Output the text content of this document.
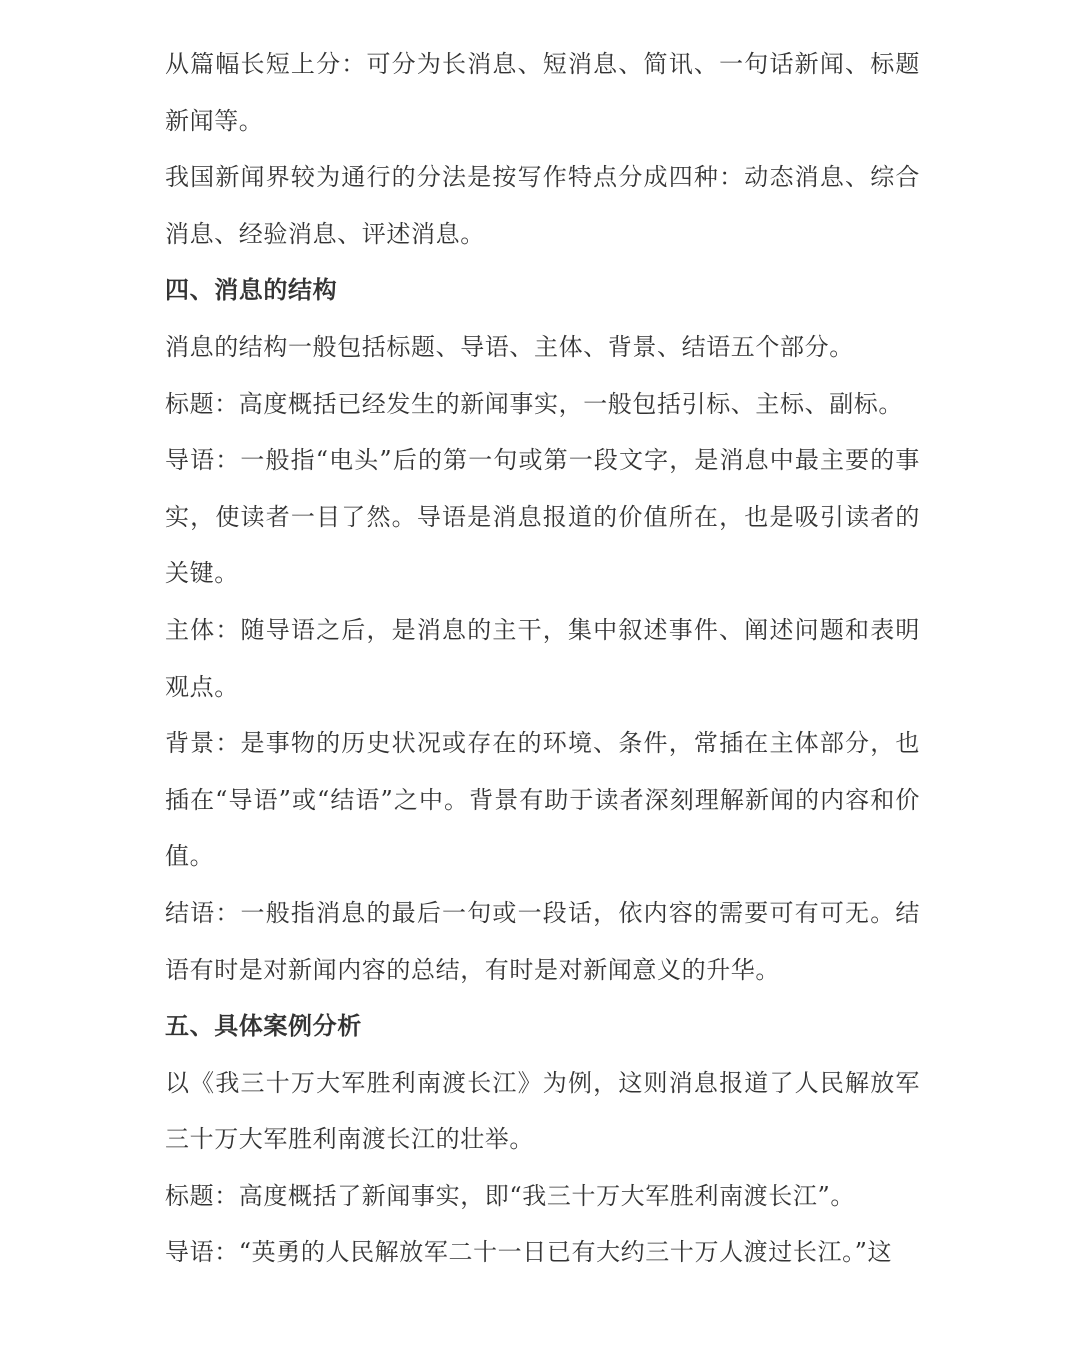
从篇幅长短上分：可分为长消息、短消息、简讯、一句话新闻、标题新闻等。

我国新闻界较为通行的分法是按写作特点分成四种：动态消息、综合消息、经验消息、评述消息。

四、消息的结构

消息的结构一般包括标题、导语、主体、背景、结语五个部分。

标题：高度概括已经发生的新闻事实，一般包括引标、主标、副标。

导语：一般指“电头”后的第一句或第一段文字，是消息中最主要的事实，使读者一目了然。导语是消息报道的价值所在，也是吸引读者的关键。

主体：随导语之后，是消息的主干，集中叙述事件、阐述问题和表明观点。

背景：是事物的历史状况或存在的环境、条件，常插在主体部分，也插在“导语”或“结语”之中。背景有助于读者深刻理解新闻的内容和价值。

结语：一般指消息的最后一句或一段话，依内容的需要可有可无。结语有时是对新闻内容的总结，有时是对新闻意义的升华。

五、具体案例分析

以《我三十万大军胜利南渡长江》为例，这则消息报道了人民解放军三十万大军胜利南渡长江的壮举。

标题：高度概括了新闻事实，即“我三十万大军胜利南渡长江”。

导语：“英勇的人民解放军二十一日已有大约三十万人渡过长江。”这
